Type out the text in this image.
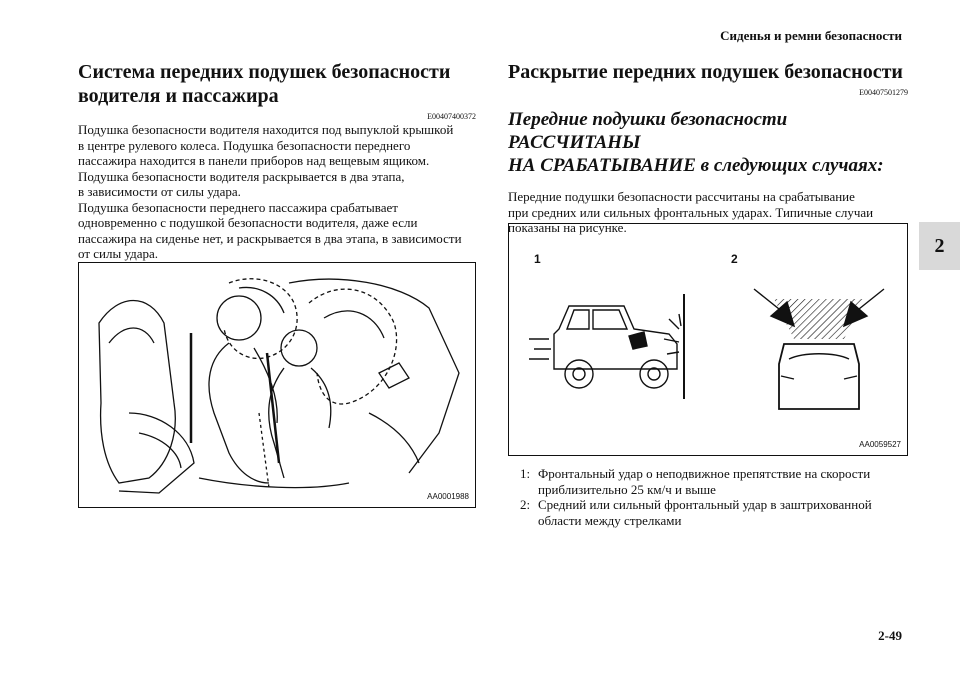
Сиденья и ремни безопасности
2
2-49
Система передних подушек безопасности
водителя и пассажира
E00407400372
Подушка безопасности водителя находится под выпуклой крышкой
в центре рулевого колеса. Подушка безопасности переднего
пассажира находится в панели приборов над вещевым ящиком.
Подушка безопасности водителя раскрывается в два этапа,
в зависимости от силы удара.
Подушка безопасности переднего пассажира срабатывает
одновременно с подушкой безопасности водителя, даже если
пассажира на сиденье нет, и раскрывается в два этапа, в зависимости
от силы удара.
AA0001988
Раскрытие передних подушек безопасности
E00407501279
Передние подушки безопасности РАССЧИТАНЫ
НА СРАБАТЫВАНИЕ в следующих случаях:
Передние подушки безопасности рассчитаны на срабатывание
при средних или сильных фронтальных ударах. Типичные случаи
показаны на рисунке.
1	2
AA0059527
1: Фронтальный удар о неподвижное препятствие на скорости
приблизительно 25 км/ч и выше
2: Средний или сильный фронтальный удар в заштрихованной
области между стрелками
